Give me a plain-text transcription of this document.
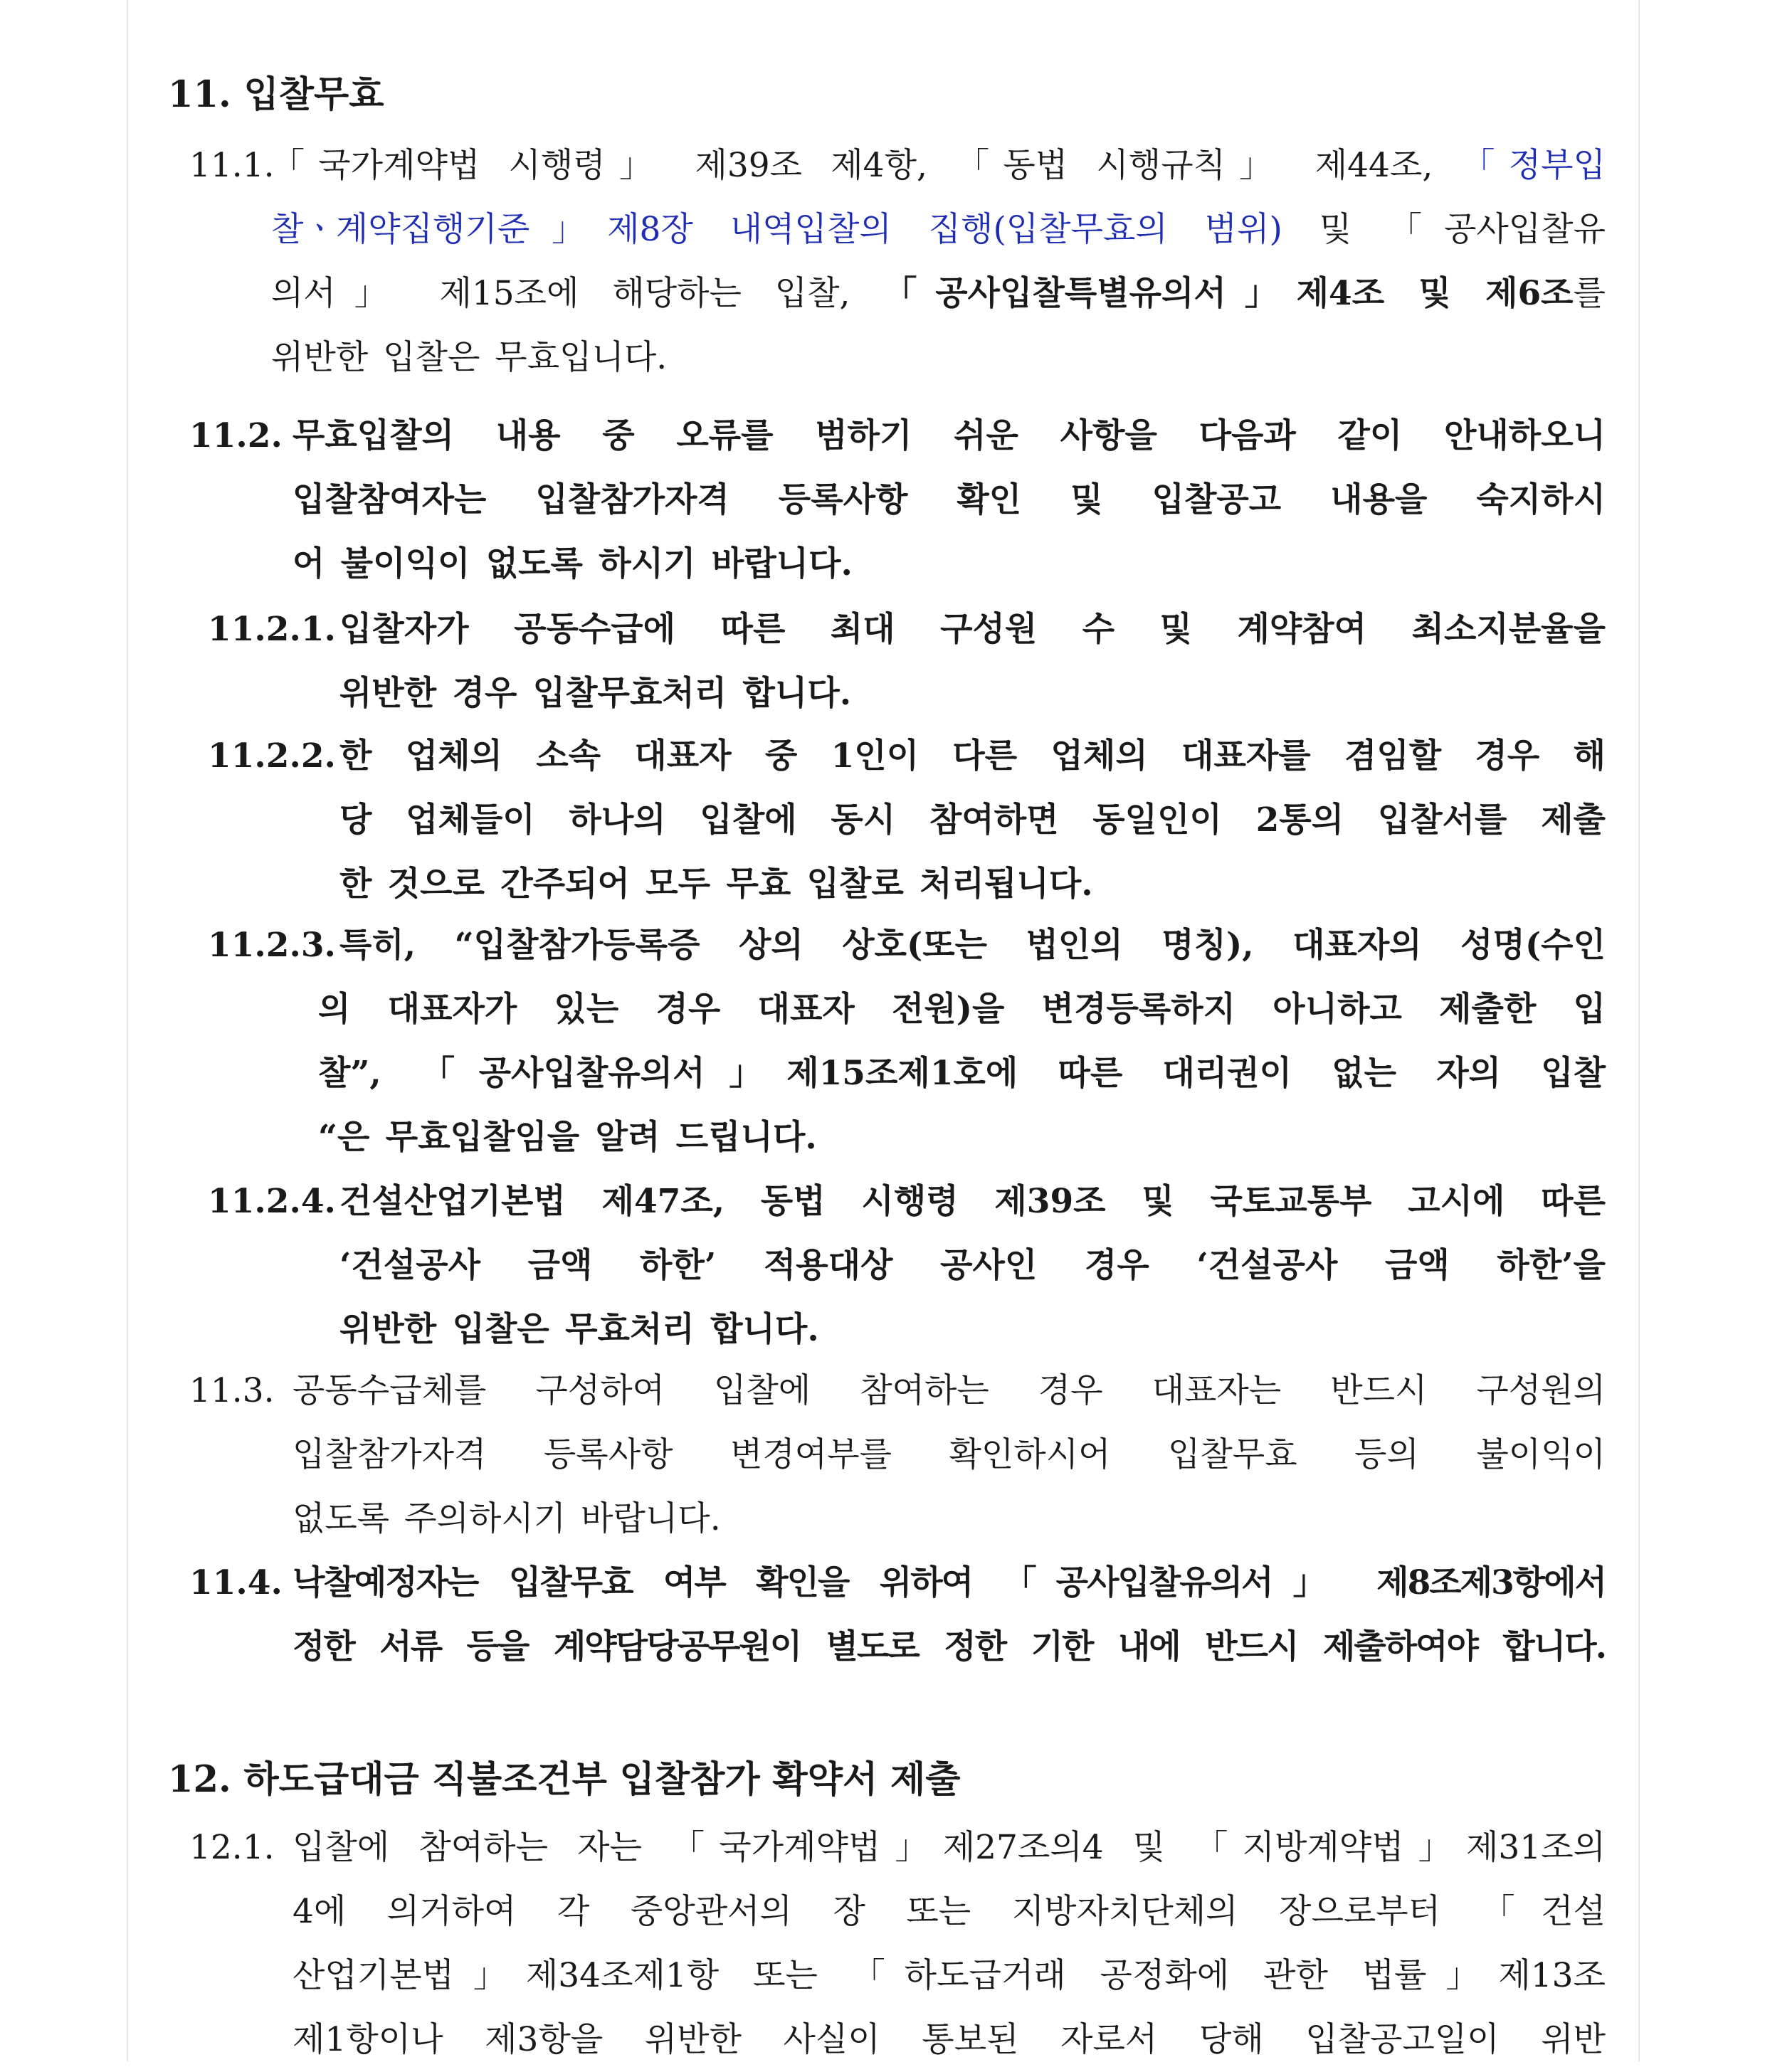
11. 입찰무효
11.1.
「국가계약법 시행령」 제39조 제4항, 「동법 시행규칙」 제44조, 「정부입
찰ㆍ계약집행기준」제8장 내역입찰의 집행(입찰무효의 범위) 및 「공사입찰유
의서」 제15조에 해당하는 입찰, 「공사입찰특별유의서」제4조 및 제6조를
위반한 입찰은 무효입니다.
11.2. 무효입찰의 내용 중 오류를 범하기 쉬운 사항을 다음과 같이 안내하오니
입찰참여자는 입찰참가자격 등록사항 확인 및 입찰공고 내용을 숙지하시
어 불이익이 없도록 하시기 바랍니다.
11.2.1. 입찰자가 공동수급에 따른 최대 구성원 수 및 계약참여 최소지분율을
위반한 경우 입찰무효처리 합니다.
11.2.2. 한 업체의 소속 대표자 중 1인이 다른 업체의 대표자를 겸임할 경우 해
당 업체들이 하나의 입찰에 동시 참여하면 동일인이 2통의 입찰서를 제출
한 것으로 간주되어 모두 무효 입찰로 처리됩니다.
11.2.3. 특히, “입찰참가등록증 상의 상호(또는 법인의 명칭), 대표자의 성명(수인
의 대표자가 있는 경우 대표자 전원)을 변경등록하지 아니하고 제출한 입
찰”, 「공사입찰유의서」제15조제1호에 따른 대리권이 없는 자의 입찰
“은 무효입찰임을 알려 드립니다.
11.2.4. 건설산업기본법 제47조, 동법 시행령 제39조 및 국토교통부 고시에 따른
‘건설공사 금액 하한’ 적용대상 공사인 경우 ‘건설공사 금액 하한’을
위반한 입찰은 무효처리 합니다.
11.3. 공동수급체를 구성하여 입찰에 참여하는 경우 대표자는 반드시 구성원의
입찰참가자격 등록사항 변경여부를 확인하시어 입찰무효 등의 불이익이
없도록 주의하시기 바랍니다.
11.4. 낙찰예정자는 입찰무효 여부 확인을 위하여 「공사입찰유의서」 제8조제3항에서
정한 서류 등을 계약담당공무원이 별도로 정한 기한 내에 반드시 제출하여야 합니다.
12. 하도급대금 직불조건부 입찰참가 확약서 제출
12.1. 입찰에 참여하는 자는 「국가계약법」제27조의4 및 「지방계약법」제31조의
4에 의거하여 각 중앙관서의 장 또는 지방자치단체의 장으로부터 「건설
산업기본법」제34조제1항 또는 「하도급거래 공정화에 관한 법률」제13조
제1항이나 제3항을 위반한 사실이 통보된 자로서 당해 입찰공고일이 위반
